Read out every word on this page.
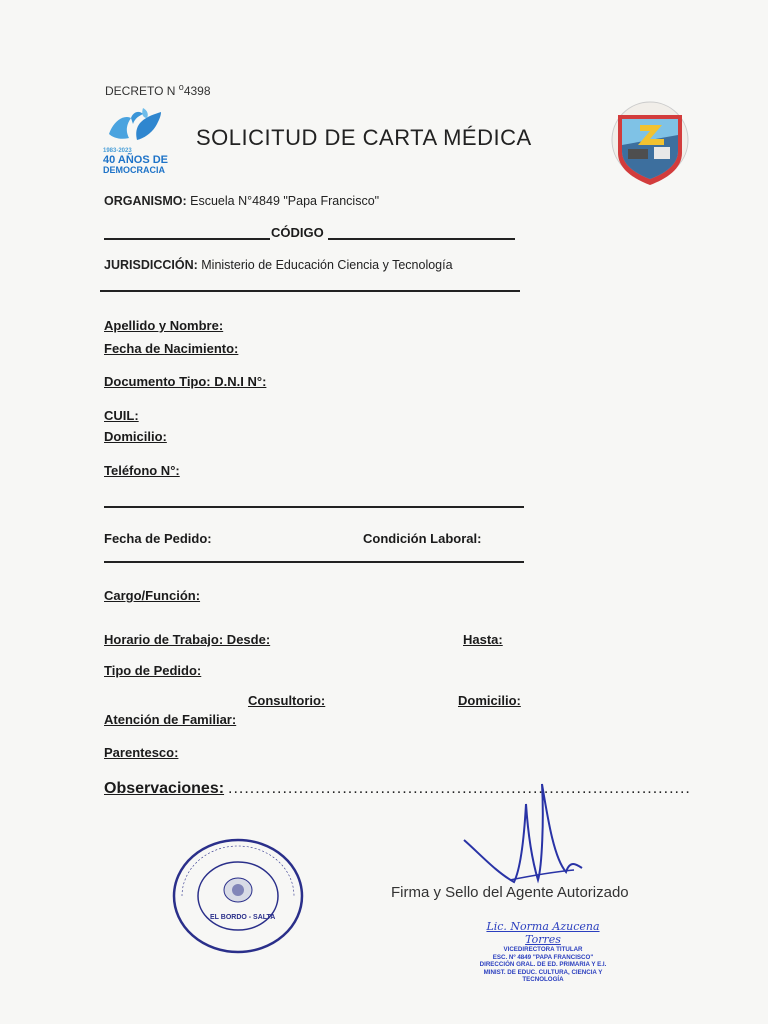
DECRETO N $^o$4398
1983-2023
40 AÑOS DE
DEMOCRACIA
SOLICITUD DE CARTA MÉDICA
ORGANISMO: Escuela N°4849 "Papa Francisco"
CÓDIGO
JURISDICCIÓN: Ministerio de Educación Ciencia y Tecnología
Apellido y Nombre:
Fecha de Nacimiento:
Documento Tipo: D.N.I N°:
CUIL:
Domicilio:
Teléfono N°:
Fecha de Pedido:	Condición Laboral:
Cargo/Función:
Horario de Trabajo: Desde:	Hasta:
Tipo de Pedido:
Consultorio:	Domicilio:
Atención de Familiar:
Parentesco:
Observaciones: .....................................................................................
EL BORDO - SALTA
Firma y Sello del Agente Autorizado
Lic. Norma Azucena Torres
VICEDIRECTORA TITULAR
ESC. Nº 4849 "PAPA FRANCISCO"
DIRECCIÓN GRAL. DE ED. PRIMARIA Y E.I.
MINIST. DE EDUC. CULTURA, CIENCIA Y TECNOLOGÍA
